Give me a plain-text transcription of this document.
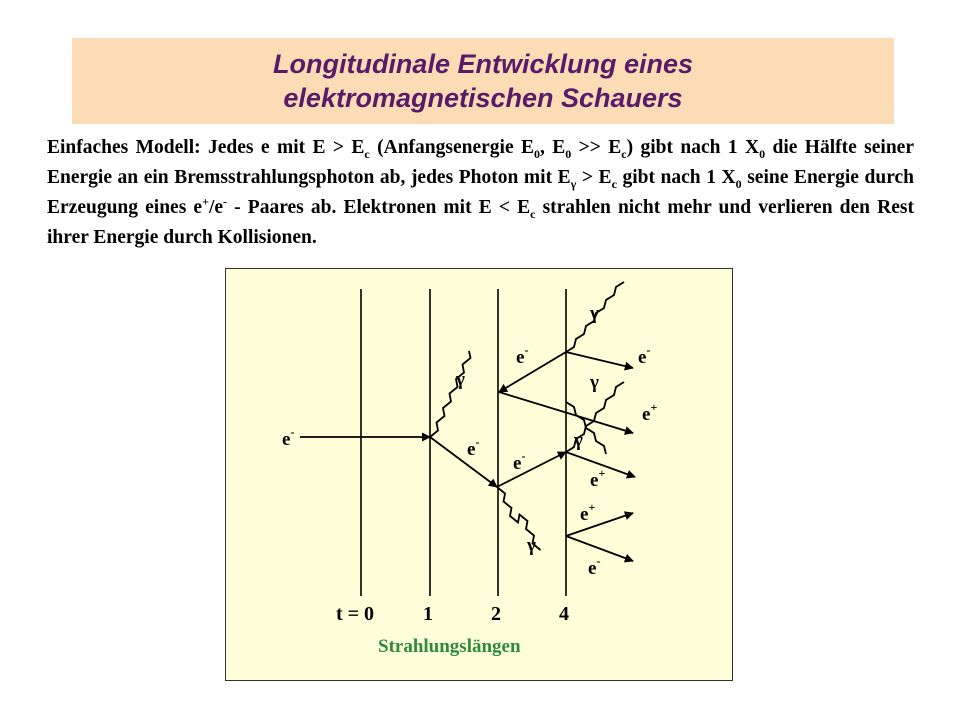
Longitudinale Entwicklung eines
elektromagnetischen Schauers
Einfaches Modell: Jedes e mit $E > E_c$ (Anfangsenergie $E_0$, $E_0 >> E_c$) gibt nach 1 $X_0$ die Hälfte seiner Energie an ein Bremsstrahlungsphoton ab, jedes Photon mit $E_\gamma > E_c$ gibt nach 1 $X_0$ seine Energie durch Erzeugung eines e+/e- - Paares ab. Elektronen mit $E < E_c$ strahlen nicht mehr und verlieren den Rest ihrer Energie durch Kollisionen.
e-
e-
γ
e-
e-
γ
γ
e-
γ
e+
γ
e+
e+
e-
t = 0 1	2	4
Strahlungslängen
